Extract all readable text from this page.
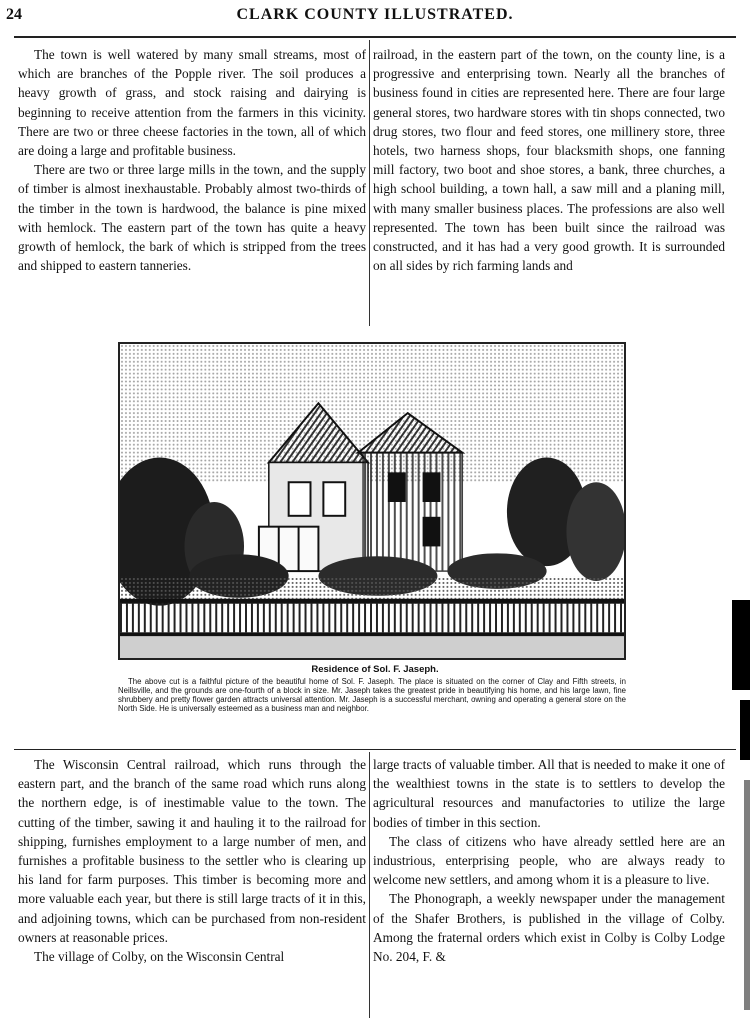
24	CLARK COUNTY ILLUSTRATED.

The town is well watered by many small streams, most of which are branches of the Popple river. The soil produces a heavy growth of grass, and stock raising and dairying is beginning to receive attention from the farmers in this vicinity. There are two or three cheese factories in the town, all of which are doing a large and profitable business.

There are two or three large mills in the town, and the supply of timber is almost inexhaustable. Probably almost two-thirds of the timber in the town is hardwood, the balance is pine mixed with hemlock. The eastern part of the town has quite a heavy growth of hemlock, the bark of which is stripped from the trees and shipped to eastern tanneries.

railroad, in the eastern part of the town, on the county line, is a progressive and enterprising town. Nearly all the branches of business found in cities are represented here. There are four large general stores, two hardware stores with tin shops connected, two drug stores, two flour and feed stores, one millinery store, three hotels, two harness shops, four blacksmith shops, one fanning mill factory, two boot and shoe stores, a bank, three churches, a high school building, a town hall, a saw mill and a planing mill, with many smaller business places. The professions are also well represented. The town has been built since the railroad was constructed, and it has had a very good growth. It is surrounded on all sides by rich farming lands and

Residence of Sol. F. Jaseph.
The above cut is a faithful picture of the beautiful home of Sol. F. Jaseph. The place is situated on the corner of Clay and Fifth streets, in Neillsville, and the grounds are one-fourth of a block in size. Mr. Jaseph takes the greatest pride in beautifying his home, and his large lawn, fine shrubbery and pretty flower garden attracts universal attention. Mr. Jaseph is a successful merchant, owning and operating a general store on the North Side. He is universally esteemed as a business man and neighbor.

The Wisconsin Central railroad, which runs through the eastern part, and the branch of the same road which runs along the northern edge, is of inestimable value to the town. The cutting of the timber, sawing it and hauling it to the railroad for shipping, furnishes employment to a large number of men, and furnishes a profitable business to the settler who is clearing up his land for farm purposes. This timber is becoming more and more valuable each year, but there is still large tracts of it in this, and adjoining towns, which can be purchased from non-resident owners at reasonable prices.

The village of Colby, on the Wisconsin Central

large tracts of valuable timber. All that is needed to make it one of the wealthiest towns in the state is to settlers to develop the agricultural resources and manufactories to utilize the large bodies of timber in this section.

The class of citizens who have already settled here are an industrious, enterprising people, who are always ready to welcome new settlers, and among whom it is a pleasure to live.

The Phonograph, a weekly newspaper under the management of the Shafer Brothers, is published in the village of Colby. Among the fraternal orders which exist in Colby is Colby Lodge No. 204, F. &
